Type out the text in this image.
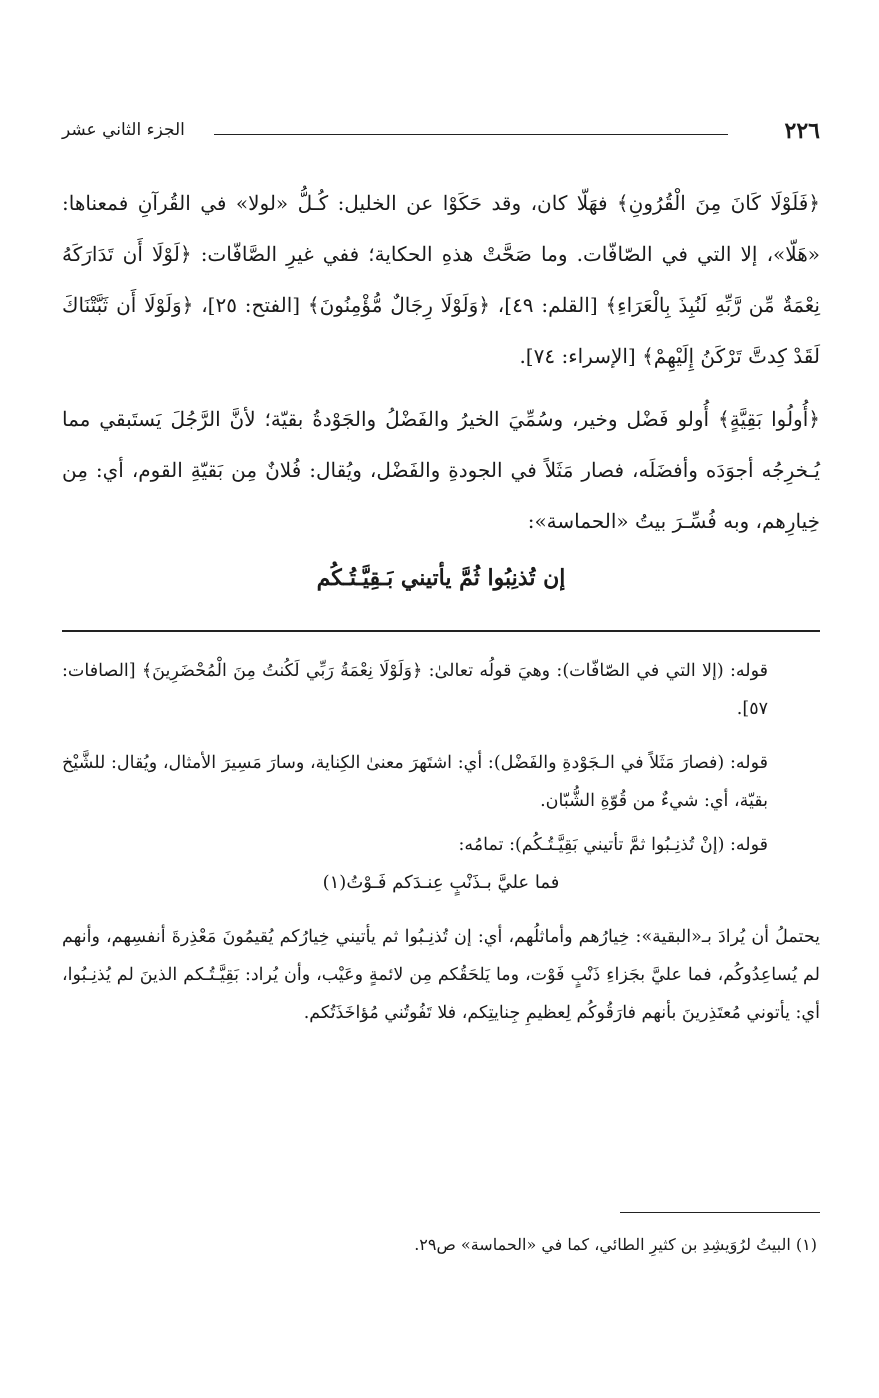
٢٢٦
الجزء الثاني عشر

﴿فَلَوْلَا كَانَ مِنَ الْقُرُونِ﴾ فهَلّا كان، وقد حَكَوْا عن الخليل: كُـلُّ «لولا» في القُرآنِ فمعناها: «هَلّا»، إلا التي في الصّافّات. وما صَحَّتْ هذهِ الحكاية؛ ففي غيرِ الصَّافّات: ﴿لَوْلَا أَن تَدَارَكَهُ نِعْمَةٌ مِّن رَّبِّهِ لَنُبِذَ بِالْعَرَاءِ﴾ [القلم: ٤٩]، ﴿وَلَوْلَا رِجَالٌ مُّؤْمِنُونَ﴾ [الفتح: ٢٥]، ﴿وَلَوْلَا أَن ثَبَّتْنَاكَ لَقَدْ كِدتَّ تَرْكَنُ إِلَيْهِمْ﴾ [الإسراء: ٧٤].

﴿أُولُوا بَقِيَّةٍ﴾ أُولو فَضْل وخير، وسُمِّيَ الخيرُ والفَضْلُ والجَوْدةُ بقيّة؛ لأنَّ الرَّجُلَ يَستَبقي مما يُـخرِجُه أجوَدَه وأفضَلَه، فصار مَثَلاً في الجودةِ والفَضْل، ويُقال: فُلانٌ مِن بَقيّةِ القوم، أي: مِن خِيارِهم، وبه فُسِّـرَ بيتُ «الحماسة»:

إن تُذنِبُوا ثُمَّ يأتيني بَـقِيَّـتُـكُم

قوله: (إلا التي في الصّافّات): وهيَ قولُه تعالىٰ: ﴿وَلَوْلَا نِعْمَةُ رَبِّي لَكُنتُ مِنَ الْمُحْضَرِينَ﴾ [الصافات: ٥٧].

قوله: (فصارَ مَثَلاً في الـجَوْدةِ والفَضْل): أي: اشتَهرَ معنىٰ الكِناية، وسارَ مَسِيرَ الأمثال، ويُقال: للشَّيْخ بقيّة، أي: شيءٌ من قُوّةِ الشُّبّان.

قوله: (إنْ تُذنِـبُوا ثمَّ تأتيني بَقِيَّـتُـكُم): تمامُه:

فما عليَّ بـذَنْبٍ عِنـدَكم فَـوْتُ(١)

يحتملُ أن يُرادَ بـ«البقية»: خِيارُهم وأماثلُهم، أي: إن تُذنِـبُوا ثم يأتيني خِيارُكم يُقيمُونَ مَعْذِرةَ أنفسِهم، وأنهم لم يُساعِدُوكُم، فما عليَّ بجَزاءِ ذَنْبٍ فَوْت، وما يَلحَقُكم مِن لائمةٍ وعَيْب، وأن يُراد: بَقِيَّـتُـكم الذينَ لم يُذنِـبُوا، أي: يأتوني مُعتَذِرينَ بأنهم فارَقُوكُم لِعظيمِ جِنايتِكم، فلا تَفُوتُني مُؤاخَذَتُكم.

(١) البيتُ لرُوَيشِدِ بن كثيرِ الطائي، كما في «الحماسة» ص٢٩.
